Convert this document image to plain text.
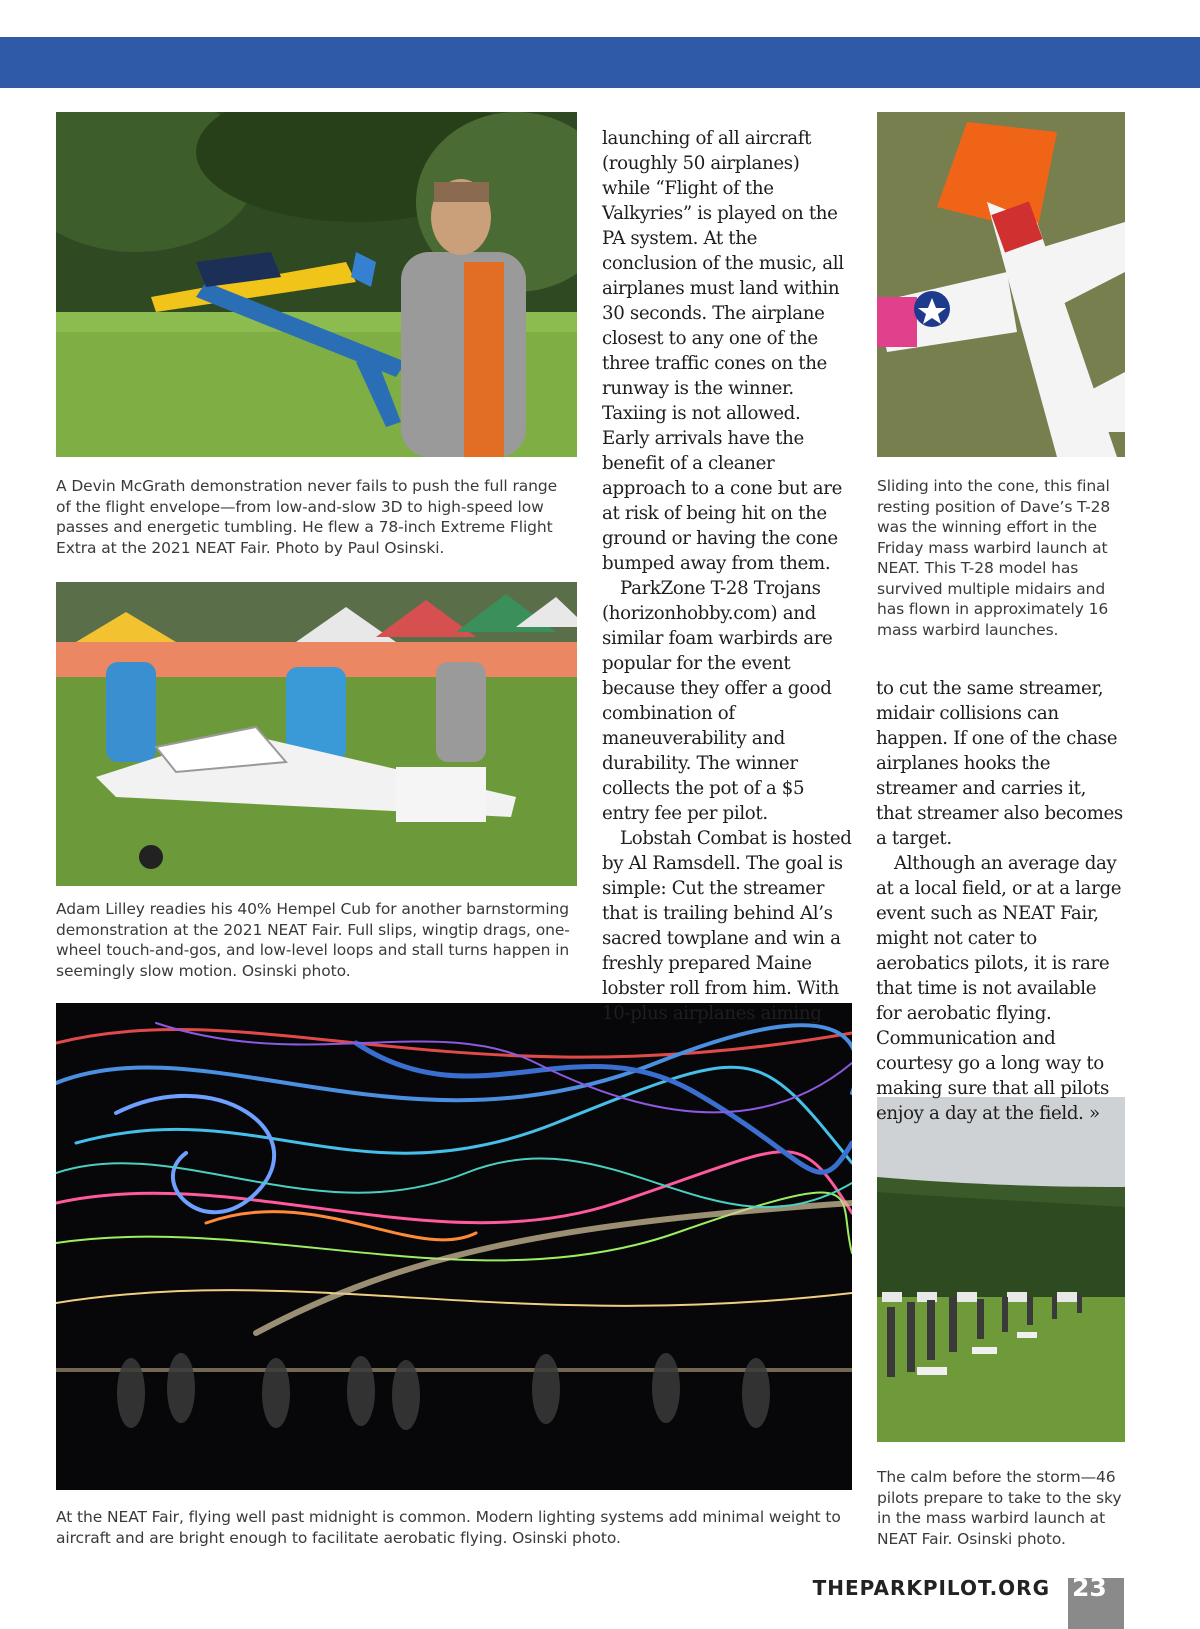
A Devin McGrath demonstration never fails to push the full range of the flight envelope—from low-and-slow 3D to high-speed low passes and energetic tumbling. He flew a 78-inch Extreme Flight Extra at the 2021 NEAT Fair. Photo by Paul Osinski.
Adam Lilley readies his 40% Hempel Cub for another barnstorming demonstration at the 2021 NEAT Fair. Full slips, wingtip drags, one-wheel touch-and-gos, and low-level loops and stall turns happen in seemingly slow motion. Osinski photo.
At the NEAT Fair, flying well past midnight is common. Modern lighting systems add minimal weight to aircraft and are bright enough to facilitate aerobatic flying. Osinski photo.
Sliding into the cone, this final resting position of Dave’s T-28 was the winning effort in the Friday mass warbird launch at NEAT. This T-28 model has survived multiple midairs and has flown in approximately 16 mass warbird launches.
The calm before the storm—46 pilots prepare to take to the sky in the mass warbird launch at NEAT Fair. Osinski photo.

launching of all aircraft (roughly 50 airplanes) while “Flight of the Valkyries” is played on the PA system. At the conclusion of the music, all airplanes must land within 30 seconds. The airplane closest to any one of the three traffic cones on the runway is the winner. Taxiing is not allowed. Early arrivals have the benefit of a cleaner approach to a cone but are at risk of being hit on the ground or having the cone bumped away from them.

ParkZone T-28 Trojans (horizonhobby.com) and similar foam warbirds are popular for the event because they offer a good combination of maneuverability and durability. The winner collects the pot of a $5 entry fee per pilot.

Lobstah Combat is hosted by Al Ramsdell. The goal is simple: Cut the streamer that is trailing behind Al’s sacred towplane and win a freshly prepared Maine lobster roll from him. With 10-plus airplanes aiming

to cut the same streamer, midair collisions can happen. If one of the chase airplanes hooks the streamer and carries it, that streamer also becomes a target.

Although an average day at a local field, or at a large event such as NEAT Fair, might not cater to aerobatics pilots, it is rare that time is not available for aerobatic flying. Communication and courtesy go a long way to making sure that all pilots enjoy a day at the field. »

THEPARKPILOT.ORG 23
